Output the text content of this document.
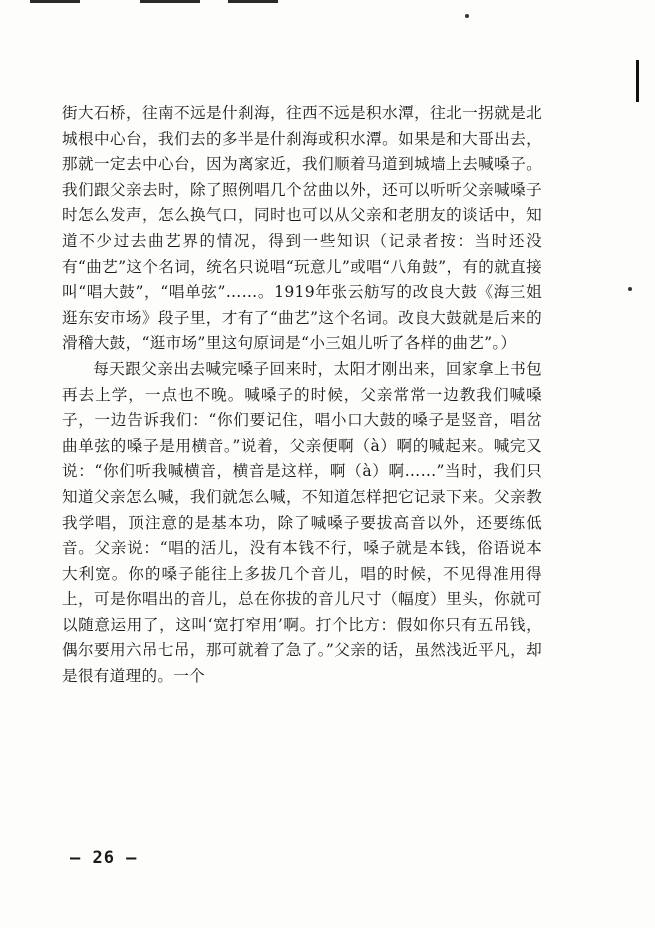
街大石桥，往南不远是什刹海，往西不远是积水潭，往北一拐就是北城根中心台，我们去的多半是什刹海或积水潭。如果是和大哥出去，那就一定去中心台，因为离家近，我们顺着马道到城墙上去喊嗓子。我们跟父亲去时，除了照例唱几个岔曲以外，还可以听听父亲喊嗓子时怎么发声，怎么换气口，同时也可以从父亲和老朋友的谈话中，知道不少过去曲艺界的情况，得到一些知识（记录者按：当时还没有“曲艺”这个名词，统名只说唱“玩意儿”或唱“八角鼓”，有的就直接叫“唱大鼓”，“唱单弦”……。1919年张云舫写的改良大鼓《海三姐逛东安市场》段子里，才有了“曲艺”这个名词。改良大鼓就是后来的滑稽大鼓，“逛市场”里这句原词是“小三姐儿听了各样的曲艺”。）

每天跟父亲出去喊完嗓子回来时，太阳才刚出来，回家拿上书包再去上学，一点也不晚。喊嗓子的时候，父亲常常一边教我们喊嗓子，一边告诉我们：“你们要记住，唱小口大鼓的嗓子是竖音，唱岔曲单弦的嗓子是用横音。”说着，父亲便啊（à）啊的喊起来。喊完又说：“你们听我喊横音，横音是这样，啊（à）啊……”当时，我们只知道父亲怎么喊，我们就怎么喊，不知道怎样把它记录下来。父亲教我学唱，顶注意的是基本功，除了喊嗓子要拔高音以外，还要练低音。父亲说：“唱的活儿，没有本钱不行，嗓子就是本钱，俗语说本大利宽。你的嗓子能往上多拔几个音儿，唱的时候，不见得准用得上，可是你唱出的音儿，总在你拔的音儿尺寸（幅度）里头，你就可以随意运用了，这叫‘宽打窄用’啊。打个比方：假如你只有五吊钱，偶尔要用六吊七吊，那可就着了急了。”父亲的话，虽然浅近平凡，却是很有道理的。一个

— 26 —
